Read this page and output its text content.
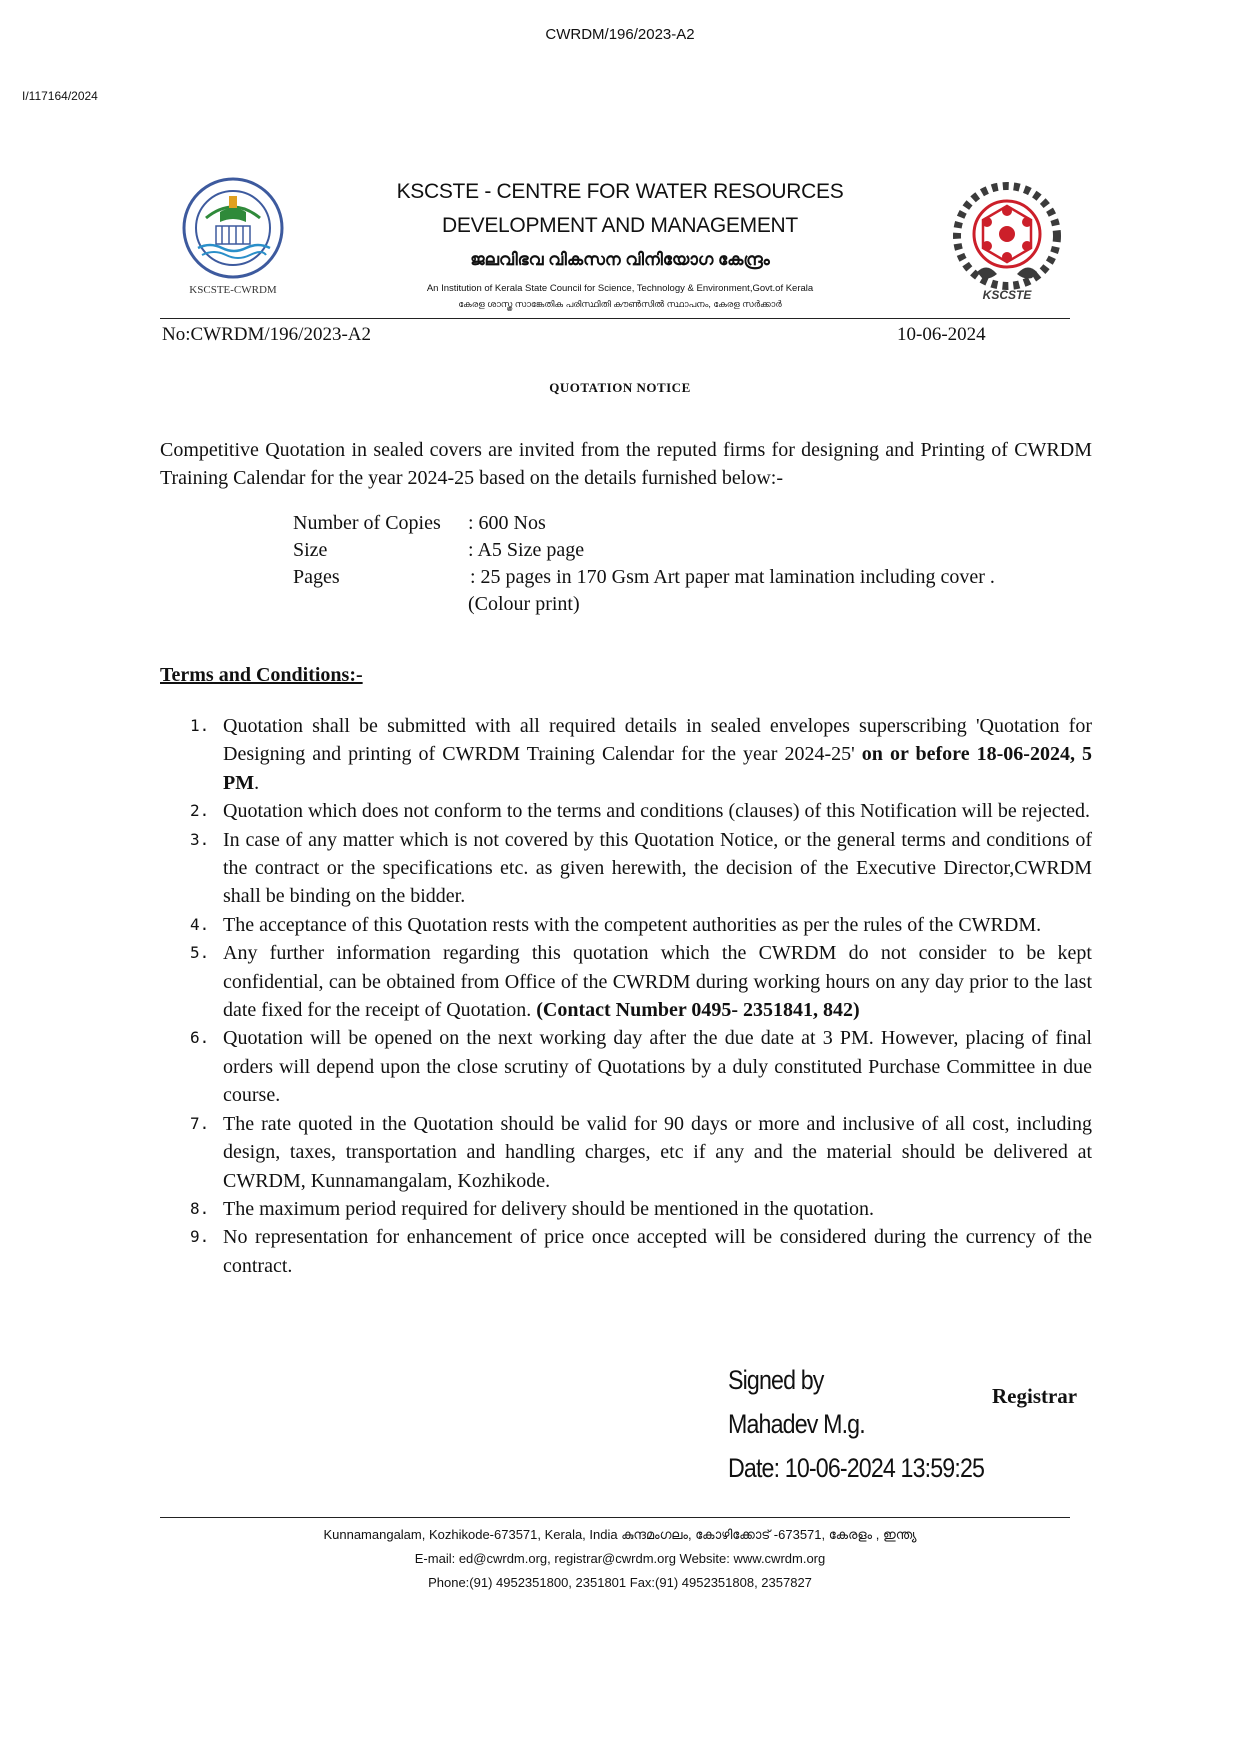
CWRDM/196/2023-A2
I/117164/2024
KSCSTE-CWRDM	KSCSTE
KSCSTE - CENTRE FOR WATER RESOURCES
DEVELOPMENT AND MANAGEMENT
ജലവിഭവ വികസന വിനിയോഗ കേന്ദ്രം
An Institution of Kerala State Council for Science, Technology & Environment,Govt.of Kerala
കേരള ശാസ്ത്ര സാങ്കേതിക പരിസ്ഥിതി കൗൺസിൽ സ്ഥാപനം, കേരള സർക്കാർ
No:CWRDM/196/2023-A2	10-06-2024
QUOTATION NOTICE
Competitive Quotation in sealed covers are invited from the reputed firms for designing and Printing of CWRDM Training Calendar for the year 2024-25 based on the details furnished below:-
Number of Copies : 600 Nos
Size	: A5 Size page
Pages	: 25 pages in 170 Gsm Art paper mat lamination including cover .
(Colour print)
Terms and Conditions:-
1. Quotation shall be submitted with all required details in sealed envelopes superscribing 'Quotation for Designing and printing of CWRDM Training Calendar for the year 2024-25' on or before 18-06-2024, 5 PM.
2. Quotation which does not conform to the terms and conditions (clauses) of this Notification will be rejected.
3. In case of any matter which is not covered by this Quotation Notice, or the general terms and conditions of the contract or the specifications etc. as given herewith, the decision of the Executive Director,CWRDM shall be binding on the bidder.
4. The acceptance of this Quotation rests with the competent authorities as per the rules of the CWRDM.
5. Any further information regarding this quotation which the CWRDM do not consider to be kept confidential, can be obtained from Office of the CWRDM during working hours on any day prior to the last date fixed for the receipt of Quotation. (Contact Number 0495- 2351841, 842)
6. Quotation will be opened on the next working day after the due date at 3 PM. However, placing of final orders will depend upon the close scrutiny of Quotations by a duly constituted Purchase Committee in due course.
7. The rate quoted in the Quotation should be valid for 90 days or more and inclusive of all cost, including design, taxes, transportation and handling charges, etc if any and the material should be delivered at CWRDM, Kunnamangalam, Kozhikode.
8. The maximum period required for delivery should be mentioned in the quotation.
9. No representation for enhancement of price once accepted will be considered during the currency of the contract.
Signed by
Mahadev M.g.
Date: 10-06-2024 13:59:25
Registrar
Kunnamangalam, Kozhikode-673571, Kerala, India കുന്ദമംഗലം, കോഴിക്കോട് -673571, കേരളം , ഇന്ത്യ
E-mail: ed@cwrdm.org, registrar@cwrdm.org Website: www.cwrdm.org
Phone:(91) 4952351800, 2351801 Fax:(91) 4952351808, 2357827
